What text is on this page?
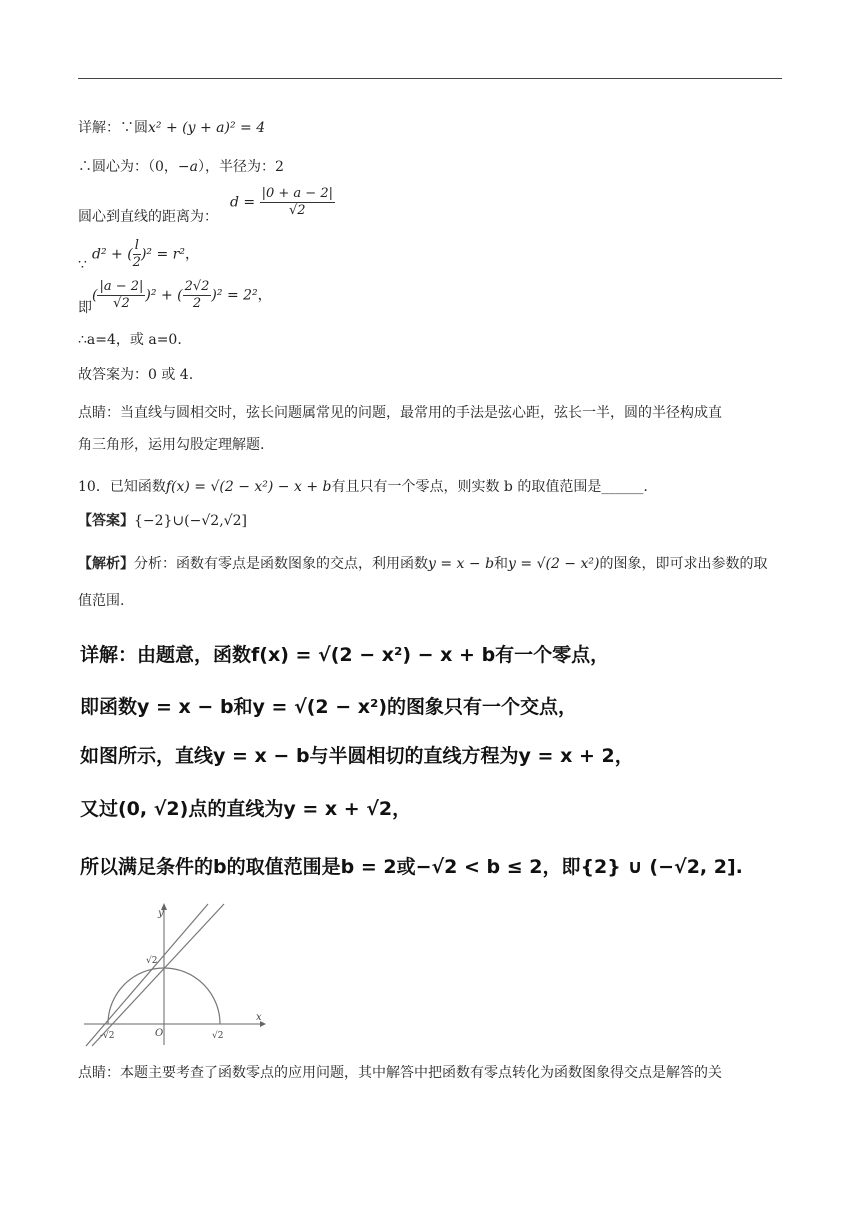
详解：∵圆x² + (y + a)² = 4
∴圆心为：（0，−a），半径为：2
圆心到直线的距离为：
$d = \frac{|0 + a - 2|}{√2}$
∵
d² + ( $\frac{l}{2} )^2 = r^2$，
即
( $\frac{|a - 2|}{√2} )^2$ + ( $\frac{2√2}{2} )^2 = 2^2$，
∴a=4，或 a=0.
故答案为：0 或 4.
点睛：当直线与圆相交时，弦长问题属常见的问题，最常用的手法是弦心距，弦长一半，圆的半径构成直
角三角形，运用勾股定理解题.
10．已知函数f(x) = √(2 − x²) − x + b有且只有一个零点，则实数 b 的取值范围是______.
【答案】{−2}∪(−√2,√2]
【解析】分析：函数有零点是函数图象的交点，利用函数y = x − b和y = √(2 − x²)的图象，即可求出参数的取
值范围.
详解：由题意，函数f(x) = √(2 − x²) − x + b有一个零点，
即函数y = x − b和y = √(2 − x²)的图象只有一个交点，
如图所示，直线y = x − b与半圆相切的直线方程为y = x + 2，
又过(0, √2)点的直线为y = x + √2，
所以满足条件的b的取值范围是b = 2或−√2 < b ≤ 2，即{2} ∪ (−√2, 2].
y
x
O
√2
-√2	√2
点睛：本题主要考查了函数零点的应用问题，其中解答中把函数有零点转化为函数图象得交点是解答的关
